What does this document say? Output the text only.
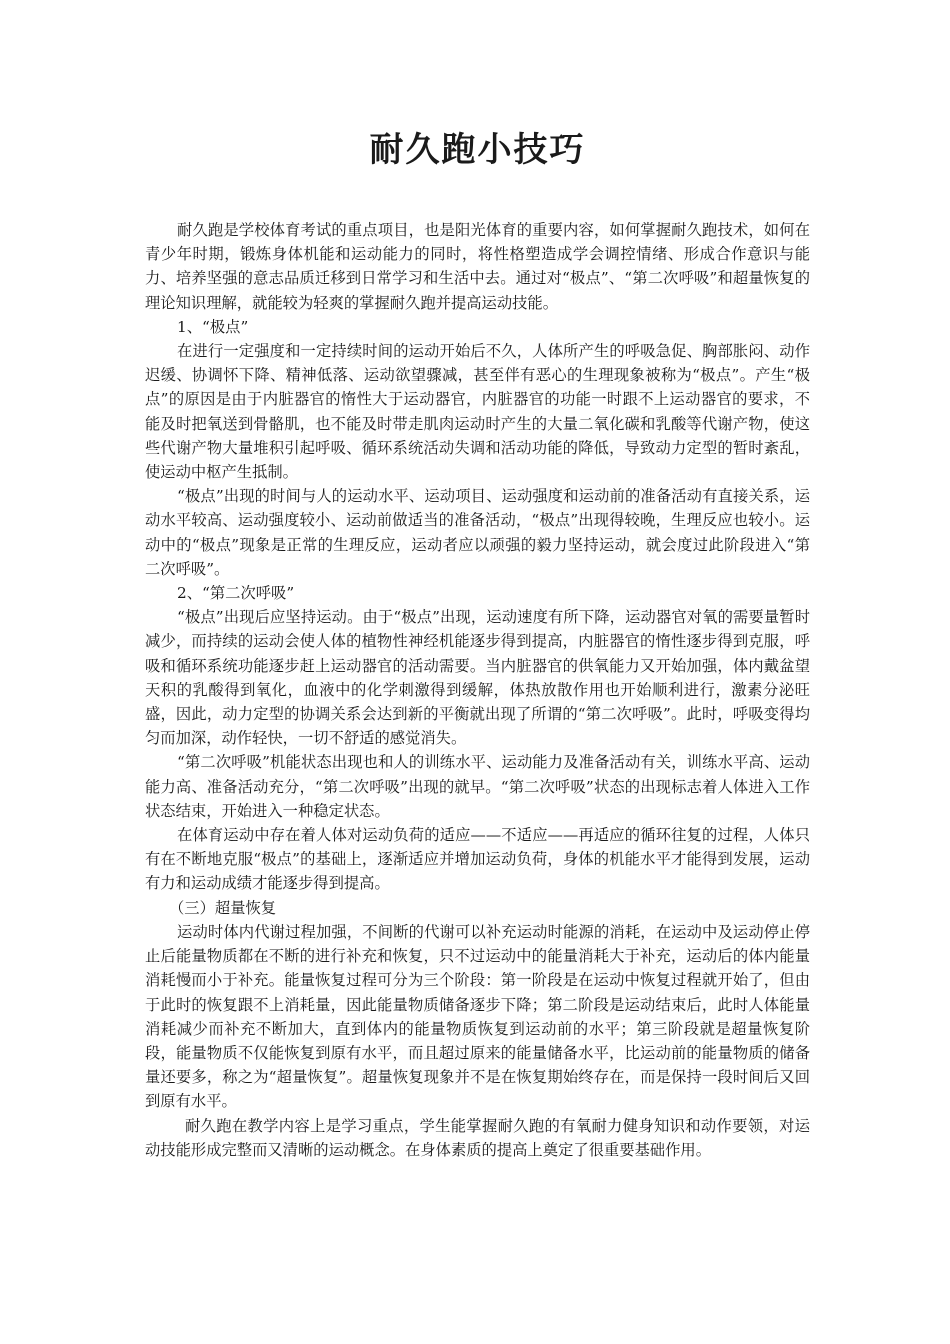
耐久跑小技巧

耐久跑是学校体育考试的重点项目，也是阳光体育的重要内容，如何掌握耐久跑技术，如何在青少年时期，锻炼身体机能和运动能力的同时，将性格塑造成学会调控情绪、形成合作意识与能力、培养坚强的意志品质迁移到日常学习和生活中去。通过对“极点”、“第二次呼吸”和超量恢复的理论知识理解，就能较为轻爽的掌握耐久跑并提高运动技能。

1、“极点”

在进行一定强度和一定持续时间的运动开始后不久，人体所产生的呼吸急促、胸部胀闷、动作迟缓、协调怀下降、精神低落、运动欲望骤减，甚至伴有恶心的生理现象被称为“极点”。产生“极点”的原因是由于内脏器官的惰性大于运动器官，内脏器官的功能一时跟不上运动器官的要求，不能及时把氧送到骨骼肌，也不能及时带走肌肉运动时产生的大量二氧化碳和乳酸等代谢产物，使这些代谢产物大量堆积引起呼吸、循环系统活动失调和活动功能的降低，导致动力定型的暂时紊乱，使运动中枢产生抵制。

“极点”出现的时间与人的运动水平、运动项目、运动强度和运动前的准备活动有直接关系，运动水平较高、运动强度较小、运动前做适当的准备活动，“极点”出现得较晚，生理反应也较小。运动中的“极点”现象是正常的生理反应，运动者应以顽强的毅力坚持运动，就会度过此阶段进入“第二次呼吸”。

2、“第二次呼吸”

“极点”出现后应坚持运动。由于“极点”出现，运动速度有所下降，运动器官对氧的需要量暂时减少，而持续的运动会使人体的植物性神经机能逐步得到提高，内脏器官的惰性逐步得到克服，呼吸和循环系统功能逐步赶上运动器官的活动需要。当内脏器官的供氧能力又开始加强，体内戴盆望天积的乳酸得到氧化，血液中的化学刺激得到缓解，体热放散作用也开始顺利进行，激素分泌旺盛，因此，动力定型的协调关系会达到新的平衡就出现了所谓的“第二次呼吸”。此时，呼吸变得均匀而加深，动作轻快，一切不舒适的感觉消失。

“第二次呼吸”机能状态出现也和人的训练水平、运动能力及准备活动有关，训练水平高、运动能力高、准备活动充分，“第二次呼吸”出现的就早。“第二次呼吸”状态的出现标志着人体进入工作状态结束，开始进入一种稳定状态。

在体育运动中存在着人体对运动负荷的适应——不适应——再适应的循环往复的过程，人体只有在不断地克服“极点”的基础上，逐渐适应并增加运动负荷，身体的机能水平才能得到发展，运动有力和运动成绩才能逐步得到提高。

（三）超量恢复

运动时体内代谢过程加强，不间断的代谢可以补充运动时能源的消耗，在运动中及运动停止停止后能量物质都在不断的进行补充和恢复，只不过运动中的能量消耗大于补充，运动后的体内能量消耗慢而小于补充。能量恢复过程可分为三个阶段：第一阶段是在运动中恢复过程就开始了，但由于此时的恢复跟不上消耗量，因此能量物质储备逐步下降；第二阶段是运动结束后，此时人体能量消耗减少而补充不断加大，直到体内的能量物质恢复到运动前的水平；第三阶段就是超量恢复阶段，能量物质不仅能恢复到原有水平，而且超过原来的能量储备水平，比运动前的能量物质的储备量还要多，称之为“超量恢复”。超量恢复现象并不是在恢复期始终存在，而是保持一段时间后又回到原有水平。

耐久跑在教学内容上是学习重点，学生能掌握耐久跑的有氧耐力健身知识和动作要领，对运动技能形成完整而又清晰的运动概念。在身体素质的提高上奠定了很重要基础作用。
